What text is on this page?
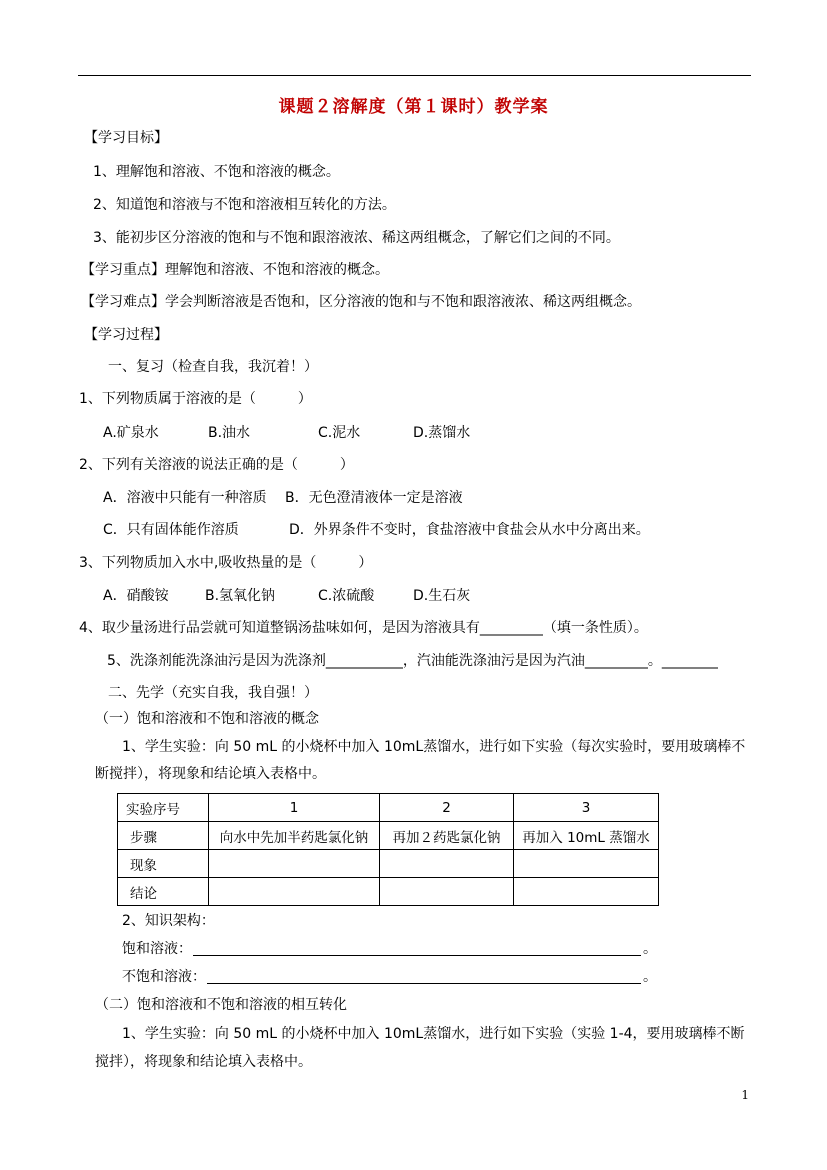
课题２溶解度（第１课时）教学案
【学习目标】
1、理解饱和溶液、不饱和溶液的概念。
2、知道饱和溶液与不饱和溶液相互转化的方法。
3、能初步区分溶液的饱和与不饱和跟溶液浓、稀这两组概念，了解它们之间的不同。
【学习重点】理解饱和溶液、不饱和溶液的概念。
【学习难点】学会判断溶液是否饱和，区分溶液的饱和与不饱和跟溶液浓、稀这两组概念。
【学习过程】
一、复习（检查自我，我沉着！）
1、下列物质属于溶液的是（　　　）
A.矿泉水	B.油水	C.泥水	D.蒸馏水
2、下列有关溶液的说法正确的是（　　　）
A．溶液中只能有一种溶质　 B．无色澄清液体一定是溶液
C．只有固体能作溶质	D．外界条件不变时，食盐溶液中食盐会从水中分离出来。
3、下列物质加入水中,吸收热量的是（　　　）
A．硝酸铵	B.氢氧化钠	C.浓硫酸	D.生石灰
4、取少量汤进行品尝就可知道整锅汤盐味如何，是因为溶液具有_________（填一条性质）。
5、洗涤剂能洗涤油污是因为洗涤剂___________，汽油能洗涤油污是因为汽油_________。________
二、先学（充实自我，我自强！）
（一）饱和溶液和不饱和溶液的概念
1、学生实验：向 50 mL 的小烧杯中加入 10mL蒸馏水，进行如下实验（每次实验时，要用玻璃棒不
断搅拌），将现象和结论填入表格中。
实验序号	1	2	3
步骤	向水中先加半药匙氯化钠	再加２药匙氯化钠	再加入 10mL 蒸馏水
现象			
结论			
2、知识架构：
饱和溶液：	。
不饱和溶液：	。
（二）饱和溶液和不饱和溶液的相互转化
1、学生实验：向 50 mL 的小烧杯中加入 10mL蒸馏水，进行如下实验（实验 1-4，要用玻璃棒不断
搅拌），将现象和结论填入表格中。
1
